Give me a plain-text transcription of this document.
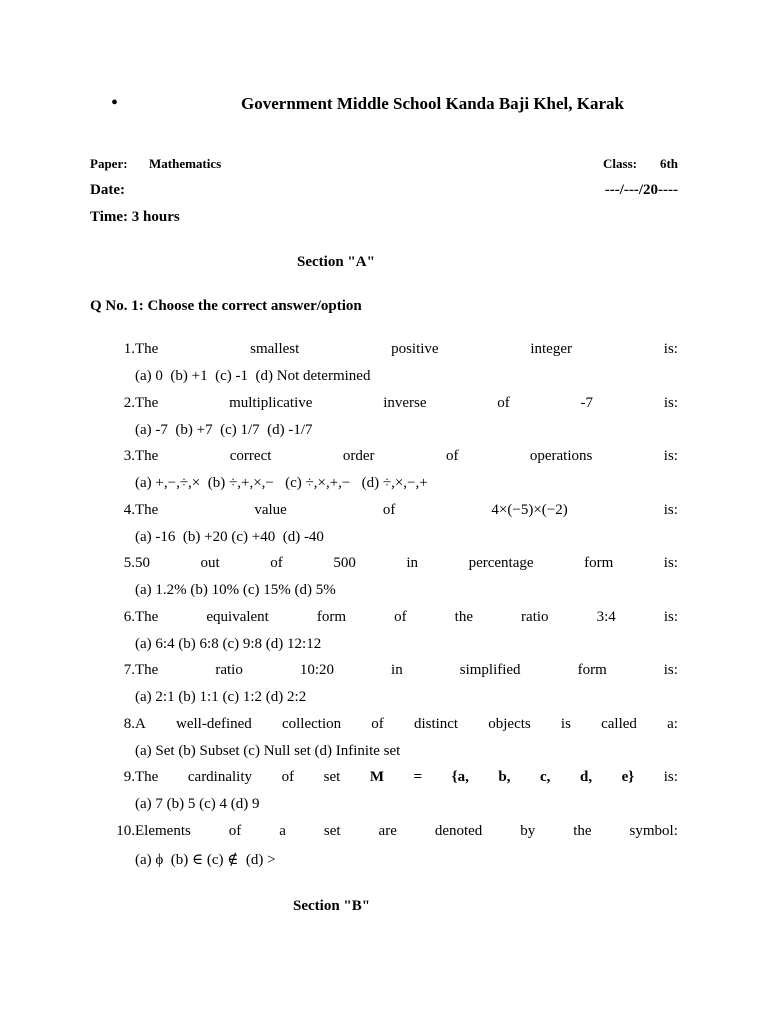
•	Government Middle School Kanda Baji Khel, Karak
Paper: Mathematics	Class: 6th
Date:	---/---/20----
Time: 3 hours
Section "A"
Q No. 1: Choose the correct answer/option
1. The	smallest	positive	integer	is:
(a) 0  (b) +1  (c) -1  (d) Not determined
2. The	multiplicative	inverse	of	-7	is:
(a) -7  (b) +7  (c) 1/7  (d) -1/7
3. The	correct	order	of	operations	is:
(a) +,−,÷,×  (b) ÷,+,×,−   (c) ÷,×,+,−   (d) ÷,×,−,+
4. The	value	of	4×(−5)×(−2)	is:
(a) -16  (b) +20 (c) +40  (d) -40
5. 50	out	of	500	in	percentage	form	is:
(a) 1.2% (b) 10% (c) 15% (d) 5%
6. The	equivalent	form	of	the	ratio	3:4	is:
(a) 6:4 (b) 6:8 (c) 9:8 (d) 12:12
7. The	ratio	10:20	in	simplified	form	is:
(a) 2:1 (b) 1:1 (c) 1:2 (d) 2:2
8. A well-defined collection of distinct objects is called a:
(a) Set (b) Subset (c) Null set (d) Infinite set
9. The cardinality of set M = {a, b, c, d, e} is:
(a) 7 (b) 5 (c) 4 (d) 9
10. Elements	of	a	set	are	denoted	by	the	symbol:
(a) ϕ  (b) ∈ (c) ∉  (d) >
Section "B"
